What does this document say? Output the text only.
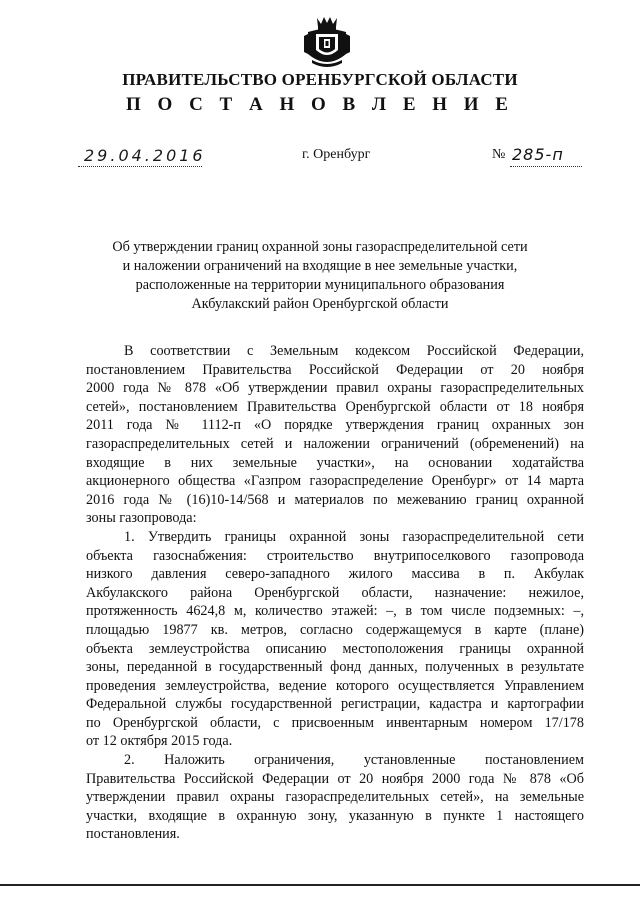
ПРАВИТЕЛЬСТВО ОРЕНБУРГСКОЙ ОБЛАСТИ
П О С Т А Н О В Л Е Н И Е
29.04.2016	г. Оренбург	№ 285-п
Об утверждении границ охранной зоны газораспределительной сети
и наложении ограничений на входящие в нее земельные участки,
расположенные на территории муниципального образования
Акбулакский район Оренбургской области
В соответствии с Земельным кодексом Российской Федерации,
постановлением Правительства Российской Федерации от 20 ноября
2000 года № 878 «Об утверждении правил охраны газораспределительных
сетей», постановлением Правительства Оренбургской области от 18 ноября
2011 года № 1112-п «О порядке утверждения границ охранных зон
газораспределительных сетей и наложении ограничений (обременений) на
входящие в них земельные участки», на основании ходатайства
акционерного общества «Газпром газораспределение Оренбург» от 14 марта
2016 года № (16)10-14/568 и материалов по межеванию границ охранной
зоны газопровода:
1. Утвердить границы охранной зоны газораспределительной сети
объекта газоснабжения: строительство внутрипоселкового газопровода
низкого давления северо-западного жилого массива в п. Акбулак
Акбулакского района Оренбургской области, назначение: нежилое,
протяженность 4624,8 м, количество этажей: –, в том числе подземных: –,
площадью 19877 кв. метров, согласно содержащемуся в карте (плане)
объекта землеустройства описанию местоположения границы охранной
зоны, переданной в государственный фонд данных, полученных в результате
проведения землеустройства, ведение которого осуществляется Управлением
Федеральной службы государственной регистрации, кадастра и картографии
по Оренбургской области, с присвоенным инвентарным номером 17/178
от 12 октября 2015 года.
2. Наложить ограничения, установленные постановлением
Правительства Российской Федерации от 20 ноября 2000 года № 878 «Об
утверждении правил охраны газораспределительных сетей», на земельные
участки, входящие в охранную зону, указанную в пункте 1 настоящего
постановления.
